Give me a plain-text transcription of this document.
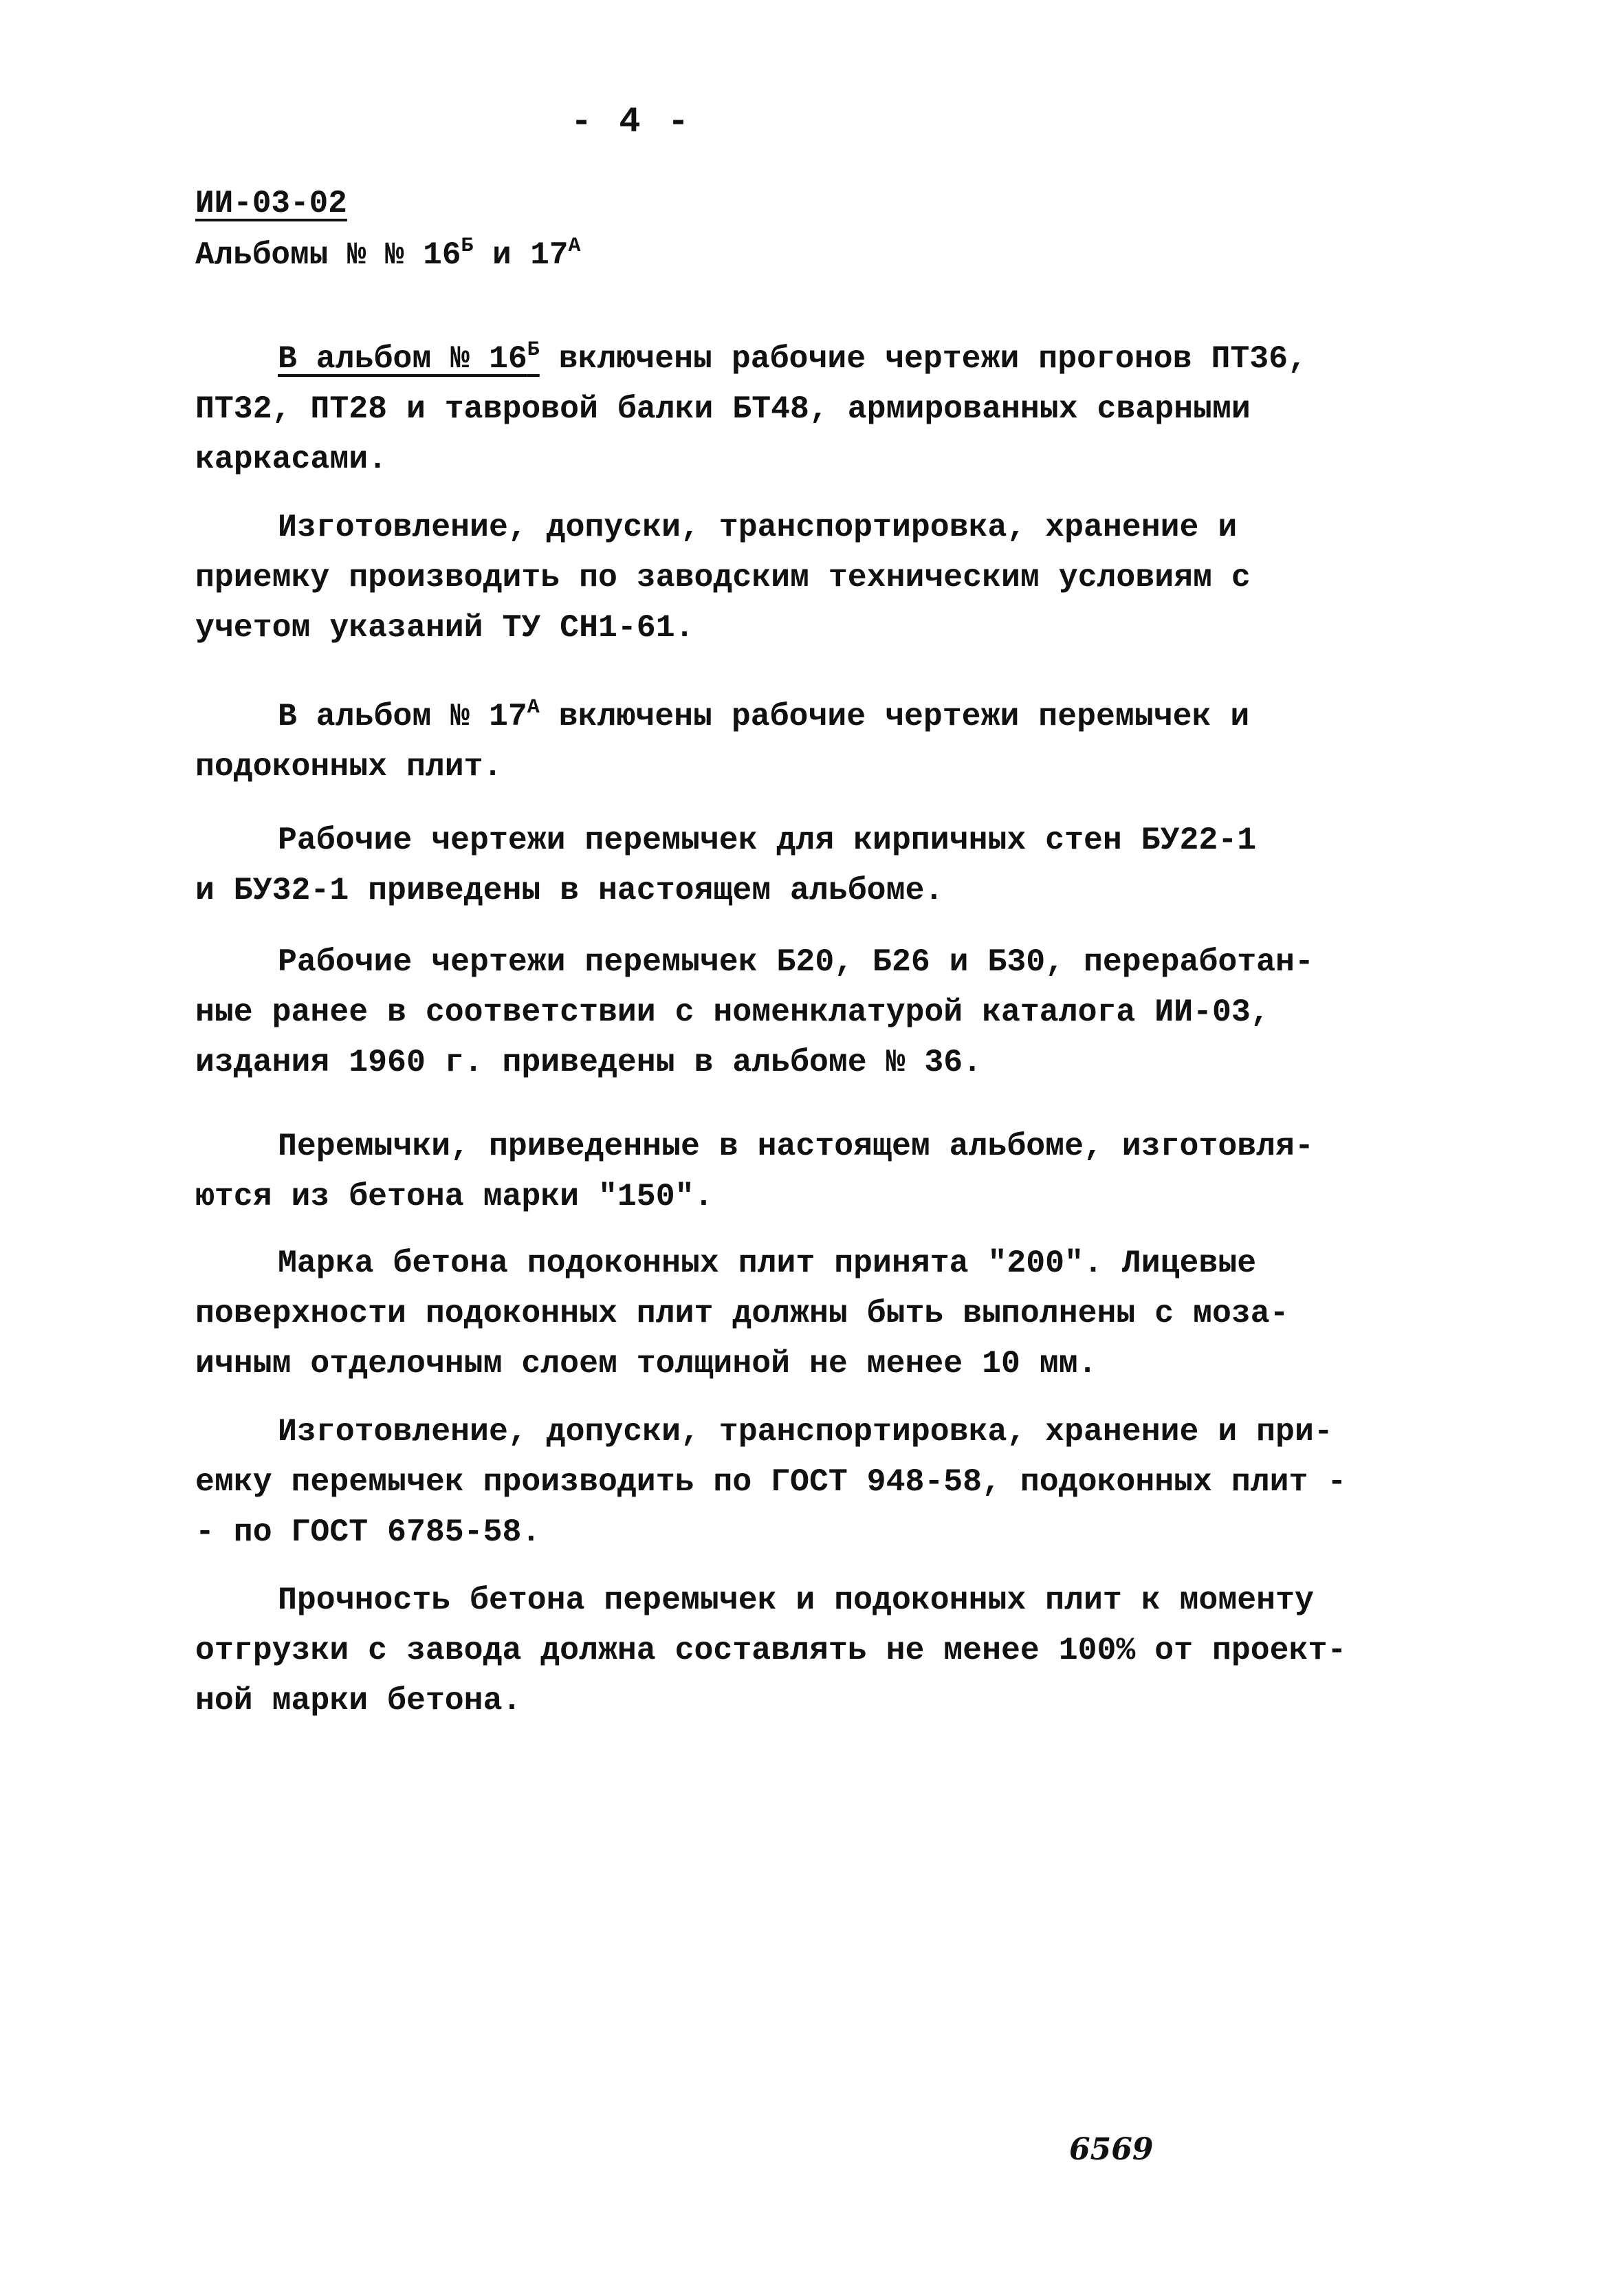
- 4 -
ИИ-03-02
Альбомы № № $16^Б$ и $17^А$

В альбом № $16^Б$ включены рабочие чертежи прогонов ПТ36,

ПТ32, ПТ28 и тавровой балки БТ48, армированных сварными

каркасами.

Изготовление, допуски, транспортировка, хранение и

приемку производить по заводским техническим условиям с

учетом указаний ТУ СН1-61.

В альбом № $17^А$ включены рабочие чертежи перемычек и

подоконных плит.

Рабочие чертежи перемычек для кирпичных стен БУ22-1

и БУ32-1 приведены в настоящем альбоме.

Рабочие чертежи перемычек Б20, Б26 и Б30, переработан-

ные ранее в соответствии с номенклатурой каталога ИИ-03,

издания 1960 г. приведены в альбоме № 36.

Перемычки, приведенные в настоящем альбоме, изготовля-

ются из бетона марки "150".

Марка бетона подоконных плит принята "200". Лицевые

поверхности подоконных плит должны быть выполнены с моза-

ичным отделочным слоем толщиной не менее 10 мм.

Изготовление, допуски, транспортировка, хранение и при-

емку перемычек производить по ГОСТ 948-58, подоконных плит -

- по ГОСТ 6785-58.

Прочность бетона перемычек и подоконных плит к моменту

отгрузки с завода должна составлять не менее 100% от проект-

ной марки бетона.

6569
